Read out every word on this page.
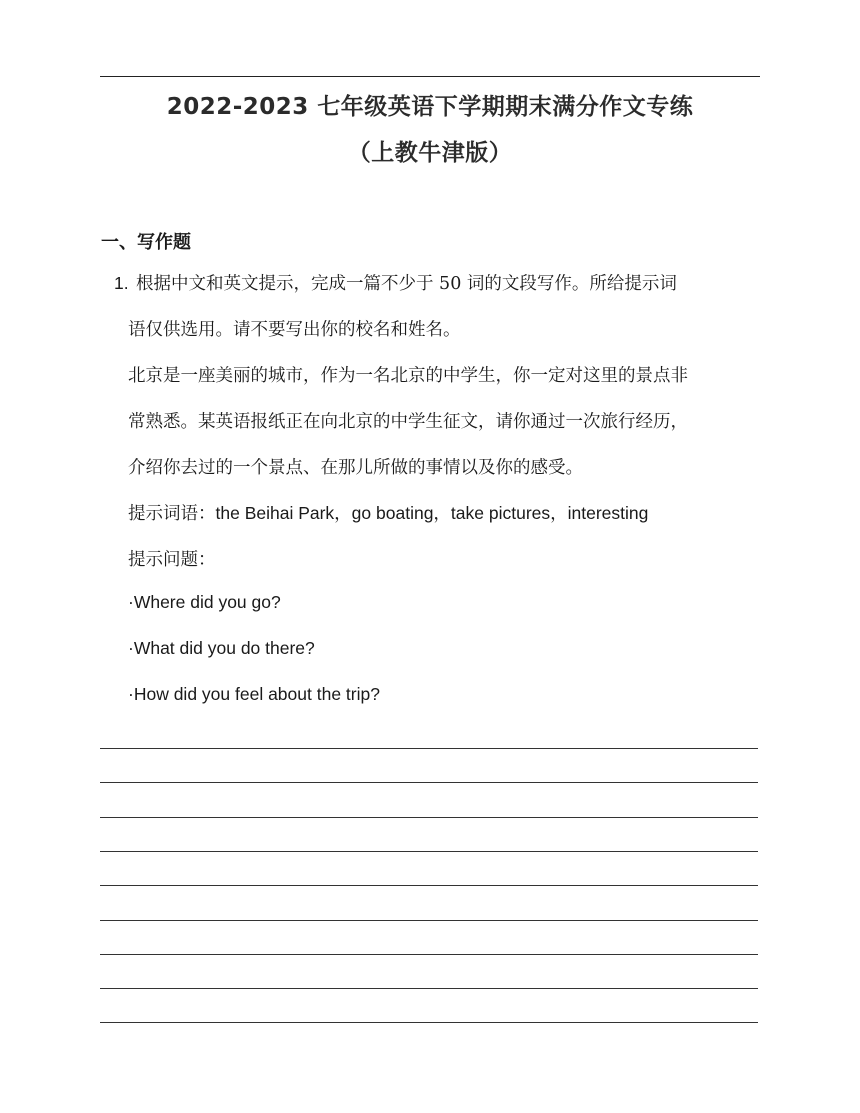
2022-2023 七年级英语下学期期末满分作文专练
（上教牛津版）
一、写作题
1. 根据中文和英文提示，完成一篇不少于 50 词的文段写作。所给提示词
语仅供选用。请不要写出你的校名和姓名。
北京是一座美丽的城市，作为一名北京的中学生，你一定对这里的景点非
常熟悉。某英语报纸正在向北京的中学生征文，请你通过一次旅行经历，
介绍你去过的一个景点、在那儿所做的事情以及你的感受。
提示词语：the Beihai Park，go boating，take pictures，interesting
提示问题：
·Where did you go?
·What did you do there?
·How did you feel about the trip?
